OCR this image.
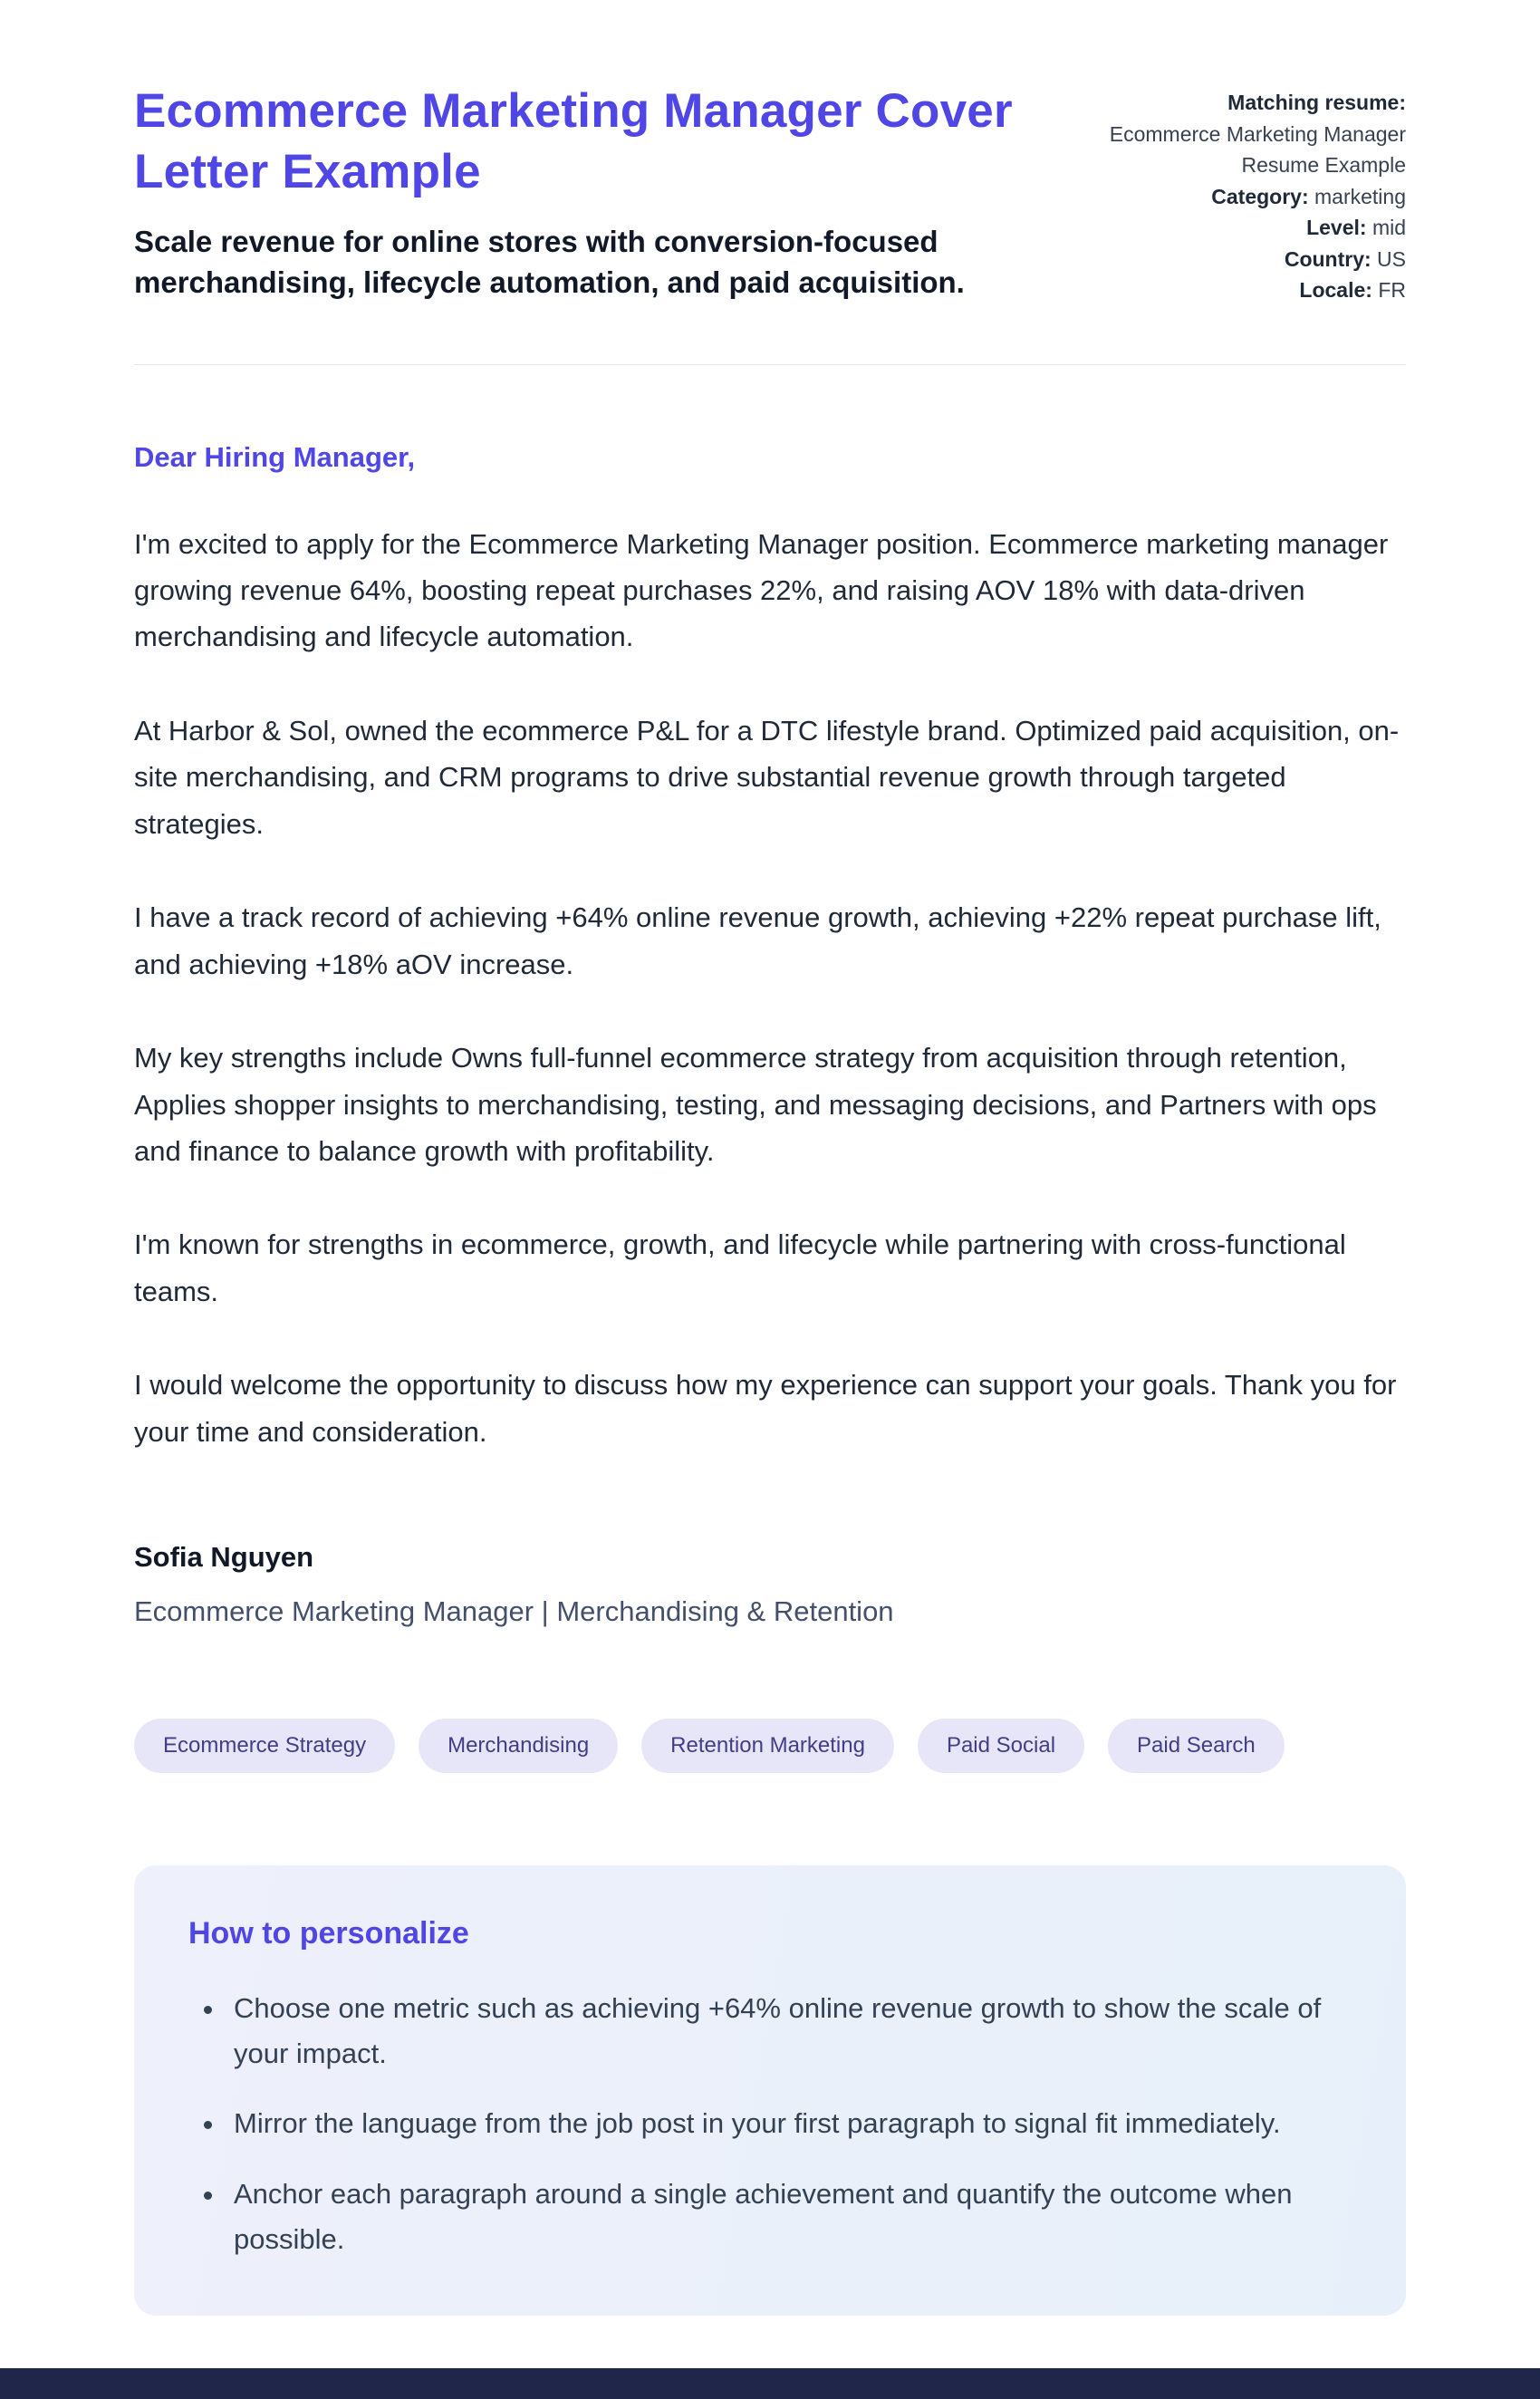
Ecommerce Marketing Manager Cover Letter Example

Scale revenue for online stores with conversion-focused merchandising, lifecycle automation, and paid acquisition.

Matching resume:
Ecommerce Marketing Manager Resume Example
Category: marketing
Level: mid
Country: US
Locale: FR

Dear Hiring Manager,

I'm excited to apply for the Ecommerce Marketing Manager position. Ecommerce marketing manager growing revenue 64%, boosting repeat purchases 22%, and raising AOV 18% with data-driven merchandising and lifecycle automation.

At Harbor & Sol, owned the ecommerce P&L for a DTC lifestyle brand. Optimized paid acquisition, on-site merchandising, and CRM programs to drive substantial revenue growth through targeted strategies.

I have a track record of achieving +64% online revenue growth, achieving +22% repeat purchase lift, and achieving +18% aOV increase.

My key strengths include Owns full-funnel ecommerce strategy from acquisition through retention, Applies shopper insights to merchandising, testing, and messaging decisions, and Partners with ops and finance to balance growth with profitability.

I'm known for strengths in ecommerce, growth, and lifecycle while partnering with cross-functional teams.

I would welcome the opportunity to discuss how my experience can support your goals. Thank you for your time and consideration.

Sofia Nguyen

Ecommerce Marketing Manager | Merchandising & Retention

Ecommerce Strategy	Merchandising	Retention Marketing	Paid Social	Paid Search
How to personalize
• Choose one metric such as achieving +64% online revenue growth to show the scale of your impact.
• Mirror the language from the job post in your first paragraph to signal fit immediately.
• Anchor each paragraph around a single achievement and quantify the outcome when possible.
